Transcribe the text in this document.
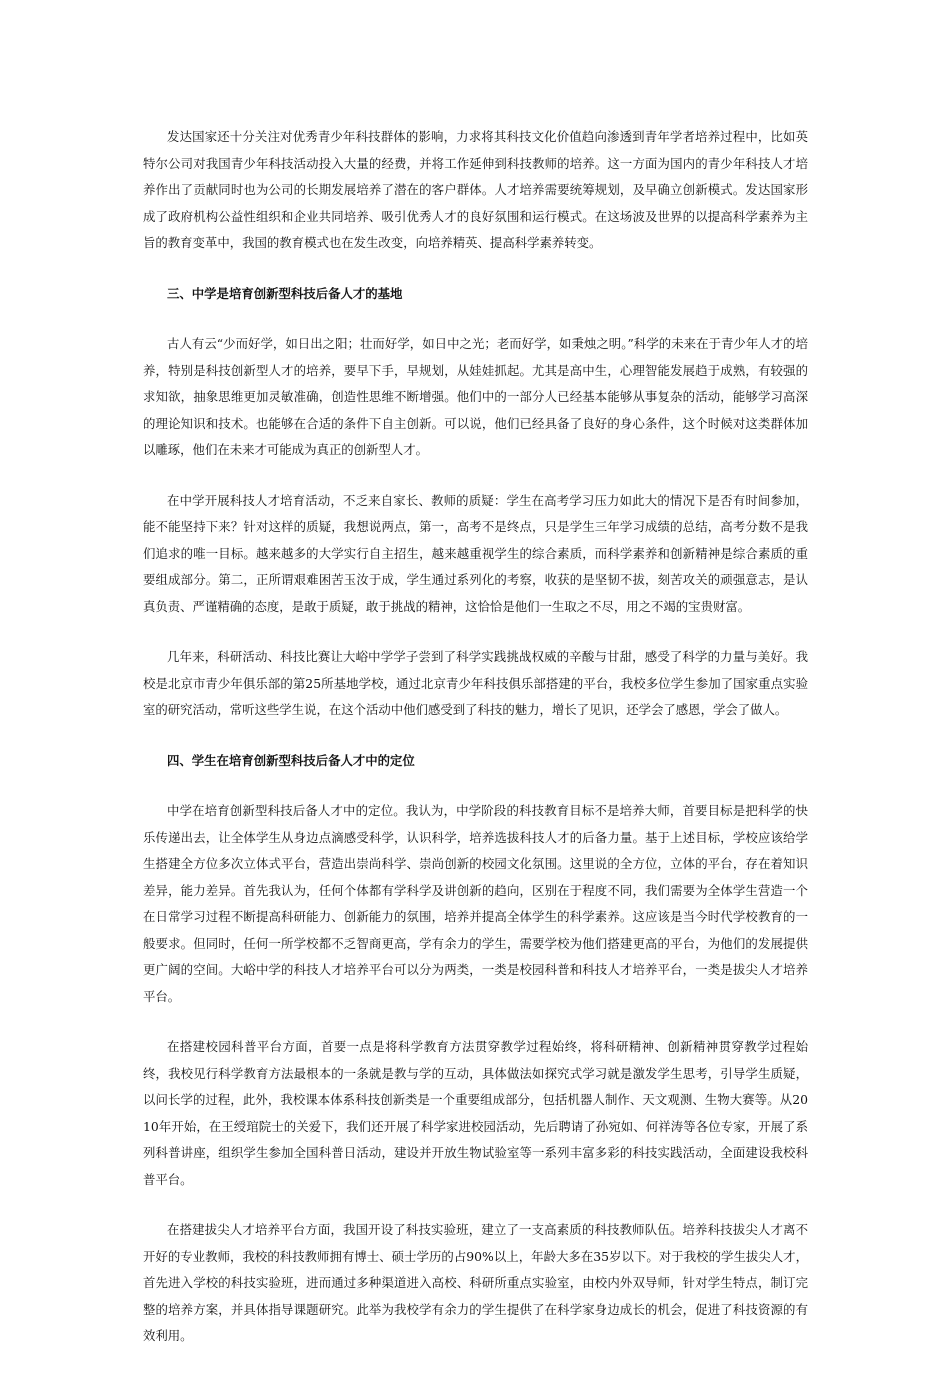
发达国家还十分关注对优秀青少年科技群体的影响，力求将其科技文化价值趋向渗透到青年学者培养过程中，比如英特尔公司对我国青少年科技活动投入大量的经费，并将工作延伸到科技教师的培养。这一方面为国内的青少年科技人才培养作出了贡献同时也为公司的长期发展培养了潜在的客户群体。人才培养需要统筹规划，及早确立创新模式。发达国家形成了政府机构公益性组织和企业共同培养、吸引优秀人才的良好氛围和运行模式。在这场波及世界的以提高科学素养为主旨的教育变革中，我国的教育模式也在发生改变，向培养精英、提高科学素养转变。

三、中学是培育创新型科技后备人才的基地

古人有云“少而好学，如日出之阳；壮而好学，如日中之光；老而好学，如秉烛之明。”科学的未来在于青少年人才的培养，特别是科技创新型人才的培养，要早下手，早规划，从娃娃抓起。尤其是高中生，心理智能发展趋于成熟，有较强的求知欲，抽象思维更加灵敏准确，创造性思维不断增强。他们中的一部分人已经基本能够从事复杂的活动，能够学习高深的理论知识和技术。也能够在合适的条件下自主创新。可以说，他们已经具备了良好的身心条件，这个时候对这类群体加以雕琢，他们在未来才可能成为真正的创新型人才。

在中学开展科技人才培育活动，不乏来自家长、教师的质疑：学生在高考学习压力如此大的情况下是否有时间参加，能不能坚持下来？针对这样的质疑，我想说两点，第一，高考不是终点，只是学生三年学习成绩的总结，高考分数不是我们追求的唯一目标。越来越多的大学实行自主招生，越来越重视学生的综合素质，而科学素养和创新精神是综合素质的重要组成部分。第二，正所谓艰难困苦玉汝于成，学生通过系列化的考察，收获的是坚韧不拔，刻苦攻关的顽强意志，是认真负责、严谨精确的态度，是敢于质疑，敢于挑战的精神，这恰恰是他们一生取之不尽，用之不竭的宝贵财富。

几年来，科研活动、科技比赛让大峪中学学子尝到了科学实践挑战权威的辛酸与甘甜，感受了科学的力量与美好。我校是北京市青少年俱乐部的第25所基地学校，通过北京青少年科技俱乐部搭建的平台，我校多位学生参加了国家重点实验室的研究活动，常听这些学生说，在这个活动中他们感受到了科技的魅力，增长了见识，还学会了感恩，学会了做人。

四、学生在培育创新型科技后备人才中的定位

中学在培育创新型科技后备人才中的定位。我认为，中学阶段的科技教育目标不是培养大师，首要目标是把科学的快乐传递出去，让全体学生从身边点滴感受科学，认识科学，培养选拔科技人才的后备力量。基于上述目标，学校应该给学生搭建全方位多次立体式平台，营造出崇尚科学、崇尚创新的校园文化氛围。这里说的全方位，立体的平台，存在着知识差异，能力差异。首先我认为，任何个体都有学科学及讲创新的趋向，区别在于程度不同，我们需要为全体学生营造一个在日常学习过程不断提高科研能力、创新能力的氛围，培养并提高全体学生的科学素养。这应该是当今时代学校教育的一般要求。但同时，任何一所学校都不乏智商更高，学有余力的学生，需要学校为他们搭建更高的平台，为他们的发展提供更广阔的空间。大峪中学的科技人才培养平台可以分为两类，一类是校园科普和科技人才培养平台，一类是拔尖人才培养平台。

在搭建校园科普平台方面，首要一点是将科学教育方法贯穿教学过程始终，将科研精神、创新精神贯穿教学过程始终，我校见行科学教育方法最根本的一条就是教与学的互动，具体做法如探究式学习就是激发学生思考，引导学生质疑，以问长学的过程，此外，我校课本体系科技创新类是一个重要组成部分，包括机器人制作、天文观测、生物大赛等。从2010年开始，在王绶琯院士的关爱下，我们还开展了科学家进校园活动，先后聘请了孙宛如、何祥涛等各位专家，开展了系列科普讲座，组织学生参加全国科普日活动，建设并开放生物试验室等一系列丰富多彩的科技实践活动，全面建设我校科普平台。

在搭建拔尖人才培养平台方面，我国开设了科技实验班，建立了一支高素质的科技教师队伍。培养科技拔尖人才离不开好的专业教师，我校的科技教师拥有博士、硕士学历的占90%以上，年龄大多在35岁以下。对于我校的学生拔尖人才，首先进入学校的科技实验班，进而通过多种渠道进入高校、科研所重点实验室，由校内外双导师，针对学生特点，制订完整的培养方案，并具体指导课题研究。此举为我校学有余力的学生提供了在科学家身边成长的机会，促进了科技资源的有效利用。
